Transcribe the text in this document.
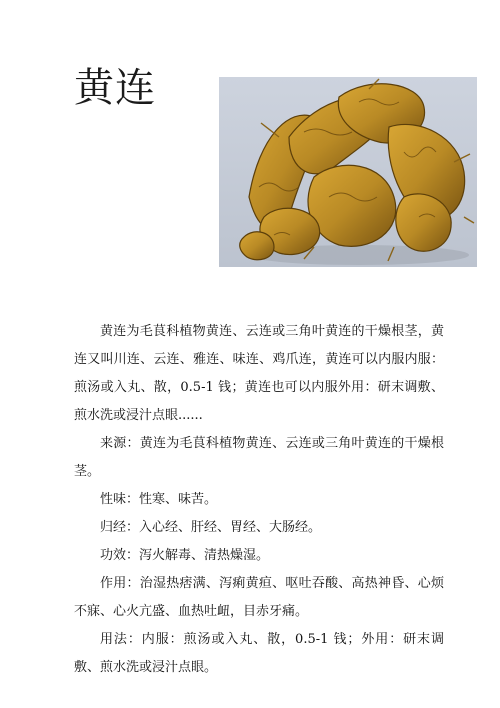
黄连

黄连为毛茛科植物黄连、云连或三角叶黄连的干燥根茎，黄连又叫川连、云连、雅连、味连、鸡爪连，黄连可以内服内服：煎汤或入丸、散，0.5-1 钱；黄连也可以内服外用：研末调敷、煎水洗或浸汁点眼......

来源：黄连为毛茛科植物黄连、云连或三角叶黄连的干燥根茎。

性味：性寒、味苦。

归经：入心经、肝经、胃经、大肠经。

功效：泻火解毒、清热燥湿。

作用：治湿热痞满、泻痢黄疸、呕吐吞酸、高热神昏、心烦不寐、心火亢盛、血热吐衄，目赤牙痛。

用法：内服：煎汤或入丸、散，0.5-1 钱；外用：研末调敷、煎水洗或浸汁点眼。
